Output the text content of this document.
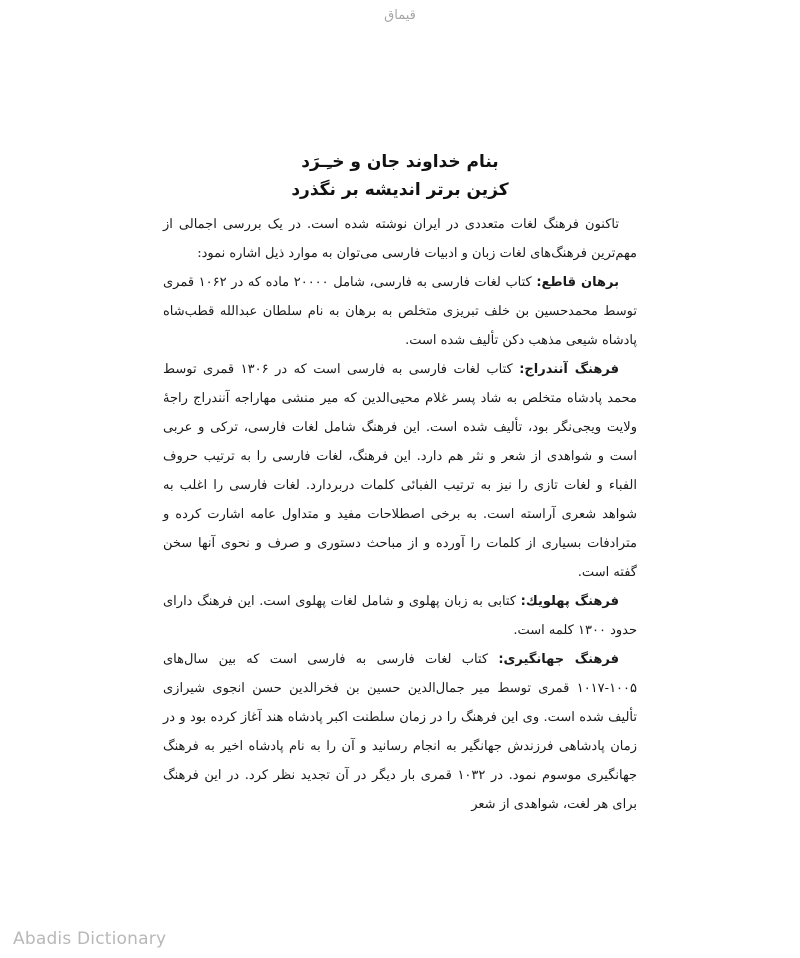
قیماق
بنام خداوند جان و خـِـرَد
کزین برتر اندیشه بر نگذرد

تاکنون فرهنگ لغات متعددی در ایران نوشته شده است. در یک بررسی اجمالی از مهم‌ترین فرهنگ‌های لغات زبان و ادبیات فارسی می‌توان به موارد ذیل اشاره نمود:

برهان قاطع: کتاب لغات فارسی به فارسی، شامل ۲۰۰۰۰ ماده که در ۱۰۶۲ قمری توسط محمدحسین بن خلف تبریزی متخلص به برهان به نام سلطان عبدالله قطب‌شاه پادشاه شیعی مذهب دکن تألیف شده است.

فرهنگ آنندراج: کتاب لغات فارسی به فارسی است که در ۱۳۰۶ قمری توسط محمد پادشاه متخلص به شاد پسر غلام محیی‌الدین که میر منشی مهاراجه آنندراج راجهٔ ولایت ویجی‌نگر بود، تألیف شده است. این فرهنگ شامل لغات فارسی، ترکی و عربی است و شواهدی از شعر و نثر هم دارد. این فرهنگ، لغات فارسی را به ترتیب حروف الفباء و لغات تازی را نیز به ترتیب الفبائی کلمات دربردارد. لغات فارسی را اغلب به شواهد شعری آراسته است. به برخی اصطلاحات مفید و متداول عامه اشارت کرده و مترادفات بسیاری از کلمات را آورده و از مباحث دستوری و صرف و نحوی آنها سخن گفته است.

فرهنگ پهلویك: کتابی به زبان پهلوی و شامل لغات پهلوی است. این فرهنگ دارای حدود ۱۳۰۰ کلمه است.

فرهنگ جهانگیری: کتاب لغات فارسی به فارسی است که بین سال‌های ۱۰۰۵-۱۰۱۷ قمری توسط میر جمال‌الدین حسین بن فخرالدین حسن انجوی شیرازی تألیف شده است. وی این فرهنگ را در زمان سلطنت اکبر پادشاه هند آغاز کرده بود و در زمان پادشاهی فرزندش جهانگیر به انجام رسانید و آن را به نام پادشاه اخیر به فرهنگ جهانگیری موسوم نمود. در ۱۰۳۲ قمری بار دیگر در آن تجدید نظر کرد. در این فرهنگ برای هر لغت، شواهدی از شعر

Abadis Dictionary
